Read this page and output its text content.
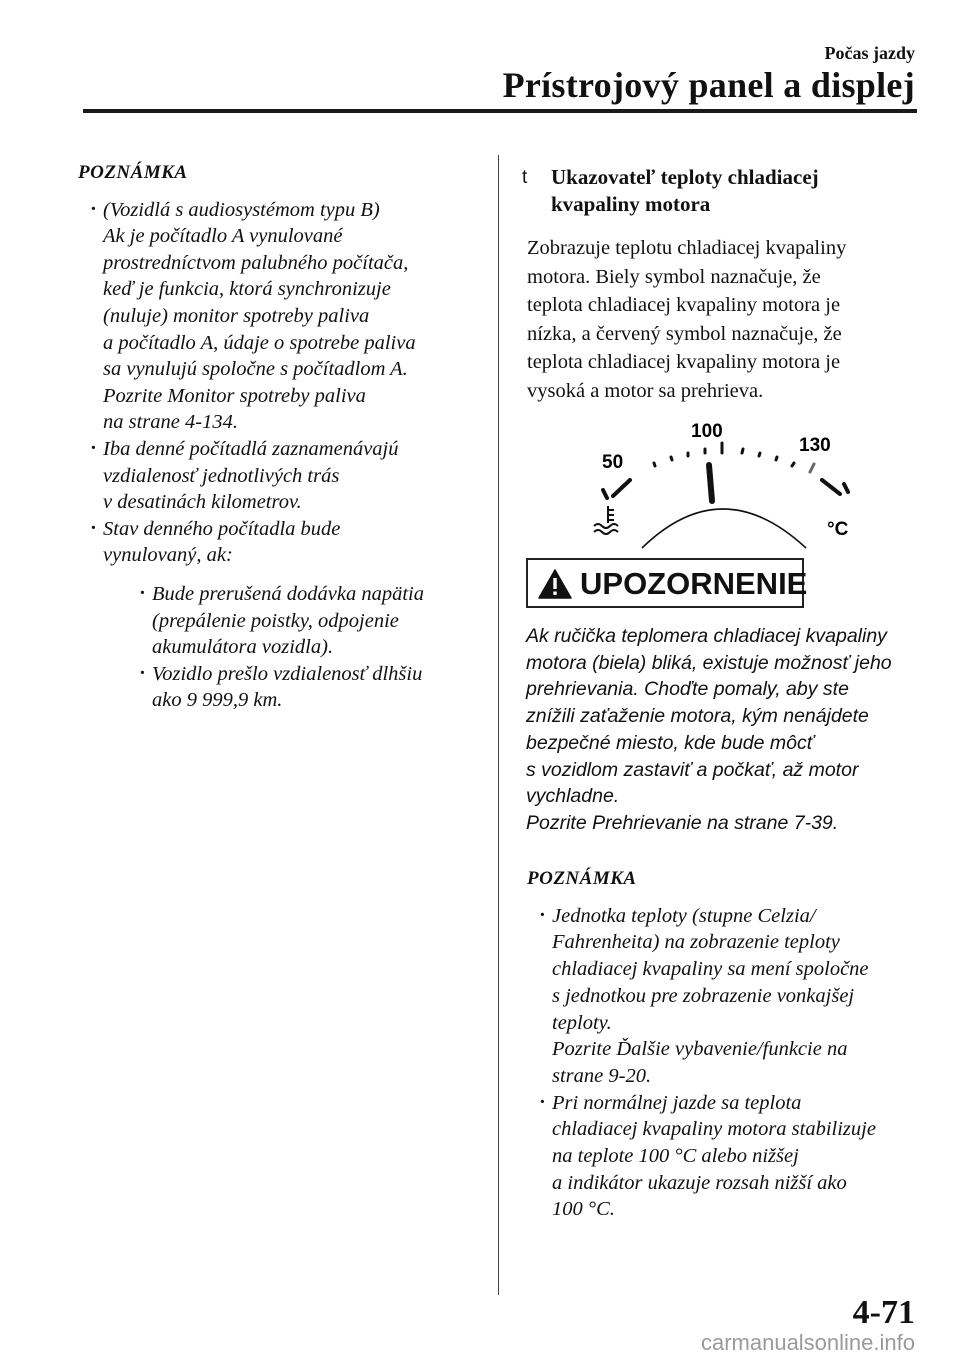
Počas jazdy
Prístrojový panel a displej
POZNÁMKA
· (Vozidlá s audiosystémom typu B)
Ak je počítadlo A vynulované
prostredníctvom palubného počítača,
keď je funkcia, ktorá synchronizuje
(nuluje) monitor spotreby paliva
a počítadlo A, údaje o spotrebe paliva
sa vynulujú spoločne s počítadlom A.
Pozrite Monitor spotreby paliva
na strane 4-134.
· Iba denné počítadlá zaznamenávajú
vzdialenosť jednotlivých trás
v desatinách kilometrov.
· Stav denného počítadla bude
vynulovaný, ak:
· Bude prerušená dodávka napätia
(prepálenie poistky, odpojenie
akumulátora vozidla).
· Vozidlo prešlo vzdialenosť dlhšiu
ako 9 999,9 km.
t	Ukazovateľ teploty chladiacej
kvapaliny motora
Zobrazuje teplotu chladiacej kvapaliny
motora. Biely symbol naznačuje, že
teplota chladiacej kvapaliny motora je
nízka, a červený symbol naznačuje, že
teplota chladiacej kvapaliny motora je
vysoká a motor sa prehrieva.
50
100
130
°C
UPOZORNENIE
Ak ručička teplomera chladiacej kvapaliny
motora (biela) bliká, existuje možnosť jeho
prehrievania. Choďte pomaly, aby ste
znížili zaťaženie motora, kým nenájdete
bezpečné miesto, kde bude môcť
s vozidlom zastaviť a počkať, až motor
vychladne.
Pozrite Prehrievanie na strane 7-39.
POZNÁMKA
· Jednotka teploty (stupne Celzia/
Fahrenheita) na zobrazenie teploty
chladiacej kvapaliny sa mení spoločne
s jednotkou pre zobrazenie vonkajšej
teploty.
Pozrite Ďalšie vybavenie/funkcie na
strane 9-20.
· Pri normálnej jazde sa teplota
chladiacej kvapaliny motora stabilizuje
na teplote 100 °C alebo nižšej
a indikátor ukazuje rozsah nižší ako
100 °C.
4-71
carmanualsonline.info
